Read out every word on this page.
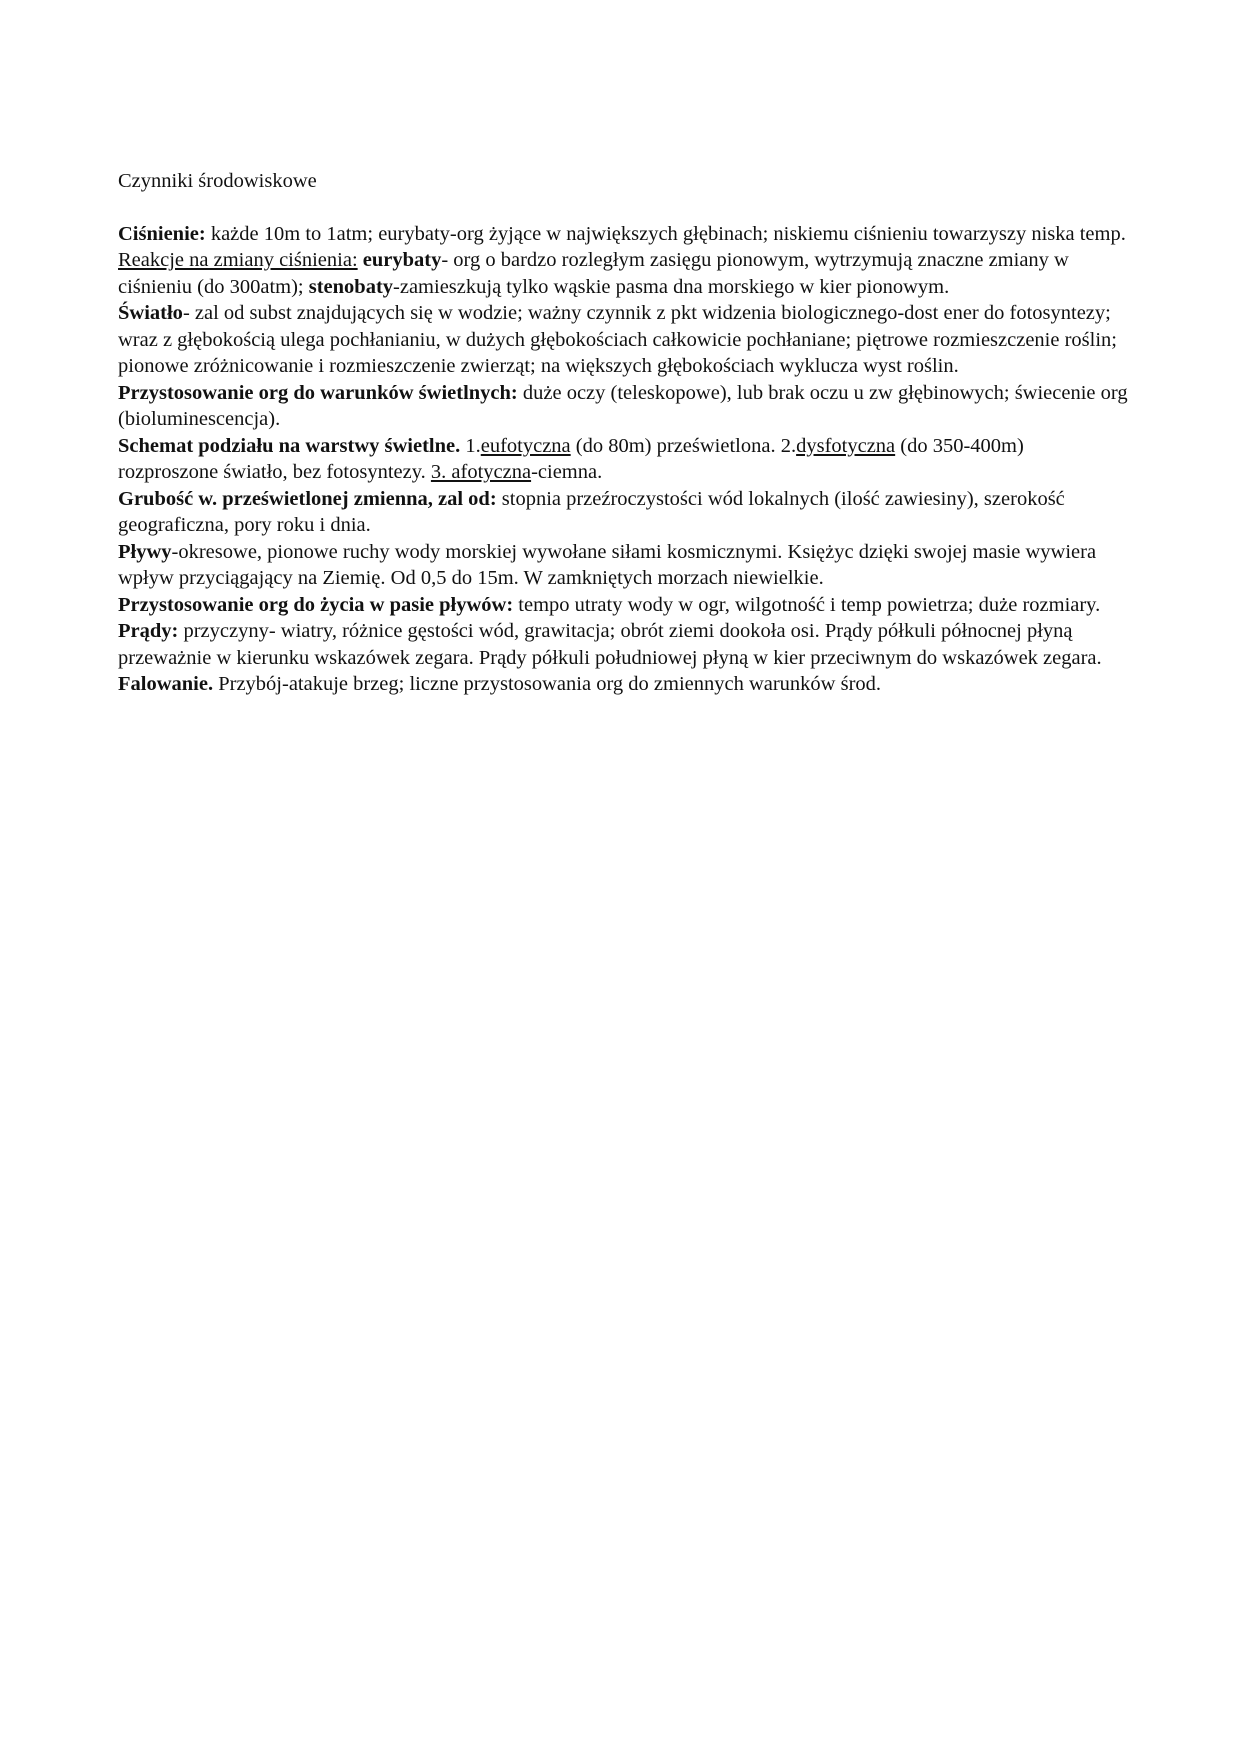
Czynniki środowiskowe

Ciśnienie: każde 10m to 1atm; eurybaty-org żyjące w największych głębinach; niskiemu ciśnieniu towarzyszy niska temp. Reakcje na zmiany ciśnienia: eurybaty- org o bardzo rozległym zasięgu pionowym, wytrzymują znaczne zmiany w ciśnieniu (do 300atm); stenobaty-zamieszkują tylko wąskie pasma dna morskiego w kier pionowym.

Światło- zal od subst znajdujących się w wodzie; ważny czynnik z pkt widzenia biologicznego-dost ener do fotosyntezy; wraz z głębokością ulega pochłanianiu, w dużych głębokościach całkowicie pochłaniane; piętrowe rozmieszczenie roślin; pionowe zróżnicowanie i rozmieszczenie zwierząt; na większych głębokościach wyklucza wyst roślin.

Przystosowanie org do warunków świetlnych: duże oczy (teleskopowe), lub brak oczu u zw głębinowych; świecenie org (bioluminescencja).

Schemat podziału na warstwy świetlne. 1.eufotyczna (do 80m) prześwietlona. 2.dysfotyczna (do 350-400m) rozproszone światło, bez fotosyntezy. 3. afotyczna-ciemna.

Grubość w. prześwietlonej zmienna, zal od: stopnia przeźroczystości wód lokalnych (ilość zawiesiny), szerokość geograficzna, pory roku i dnia.

Pływy-okresowe, pionowe ruchy wody morskiej wywołane siłami kosmicznymi. Księżyc dzięki swojej masie wywiera wpływ przyciągający na Ziemię. Od 0,5 do 15m. W zamkniętych morzach niewielkie.

Przystosowanie org do życia w pasie pływów: tempo utraty wody w ogr, wilgotność i temp powietrza; duże rozmiary.

Prądy: przyczyny- wiatry, różnice gęstości wód, grawitacja; obrót ziemi dookoła osi. Prądy półkuli północnej płyną przeważnie w kierunku wskazówek zegara. Prądy półkuli południowej płyną w kier przeciwnym do wskazówek zegara.

Falowanie. Przybój-atakuje brzeg; liczne przystosowania org do zmiennych warunków środ.
